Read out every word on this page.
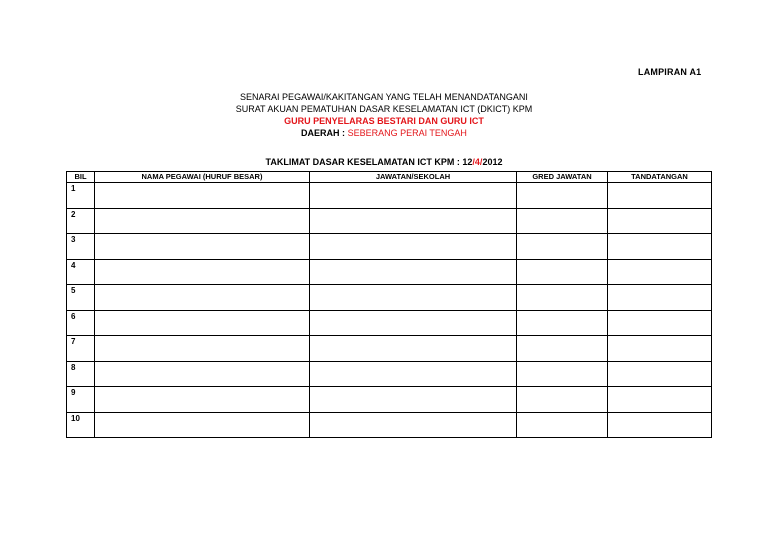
LAMPIRAN A1
SENARAI PEGAWAI/KAKITANGAN YANG TELAH MENANDATANGANI
SURAT AKUAN PEMATUHAN DASAR KESELAMATAN ICT (DKICT) KPM
GURU PENYELARAS BESTARI DAN GURU ICT
DAERAH : SEBERANG PERAI TENGAH
TAKLIMAT DASAR KESELAMATAN ICT KPM : 12/4/2012
BIL	NAMA PEGAWAI (HURUF BESAR)	JAWATAN/SEKOLAH	GRED JAWATAN	TANDATANGAN
1				
2				
3				
4				
5				
6				
7				
8				
9				
10				
